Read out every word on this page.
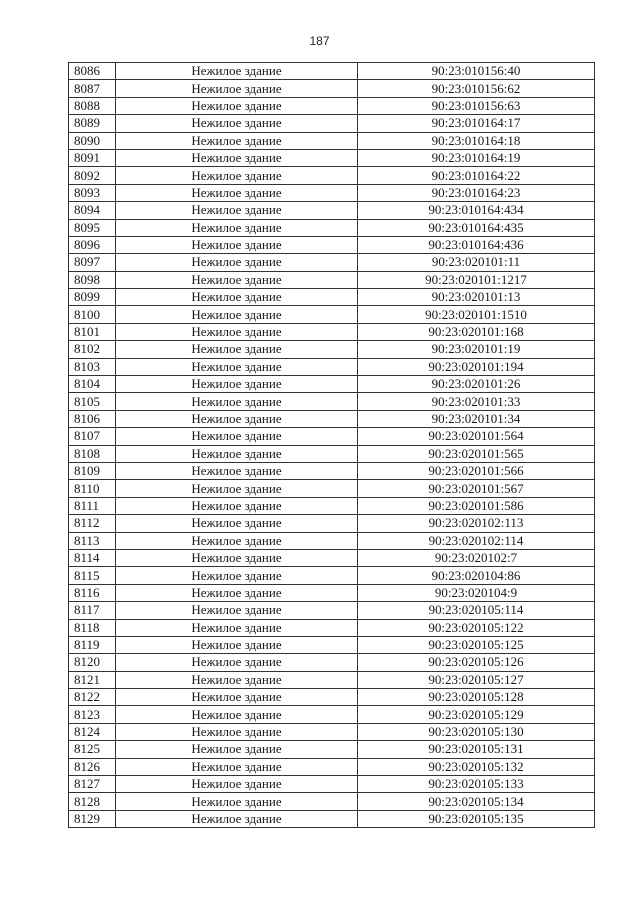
187
8086	Нежилое здание	90:23:010156:40
8087	Нежилое здание	90:23:010156:62
8088	Нежилое здание	90:23:010156:63
8089	Нежилое здание	90:23:010164:17
8090	Нежилое здание	90:23:010164:18
8091	Нежилое здание	90:23:010164:19
8092	Нежилое здание	90:23:010164:22
8093	Нежилое здание	90:23:010164:23
8094	Нежилое здание	90:23:010164:434
8095	Нежилое здание	90:23:010164:435
8096	Нежилое здание	90:23:010164:436
8097	Нежилое здание	90:23:020101:11
8098	Нежилое здание	90:23:020101:1217
8099	Нежилое здание	90:23:020101:13
8100	Нежилое здание	90:23:020101:1510
8101	Нежилое здание	90:23:020101:168
8102	Нежилое здание	90:23:020101:19
8103	Нежилое здание	90:23:020101:194
8104	Нежилое здание	90:23:020101:26
8105	Нежилое здание	90:23:020101:33
8106	Нежилое здание	90:23:020101:34
8107	Нежилое здание	90:23:020101:564
8108	Нежилое здание	90:23:020101:565
8109	Нежилое здание	90:23:020101:566
8110	Нежилое здание	90:23:020101:567
8111	Нежилое здание	90:23:020101:586
8112	Нежилое здание	90:23:020102:113
8113	Нежилое здание	90:23:020102:114
8114	Нежилое здание	90:23:020102:7
8115	Нежилое здание	90:23:020104:86
8116	Нежилое здание	90:23:020104:9
8117	Нежилое здание	90:23:020105:114
8118	Нежилое здание	90:23:020105:122
8119	Нежилое здание	90:23:020105:125
8120	Нежилое здание	90:23:020105:126
8121	Нежилое здание	90:23:020105:127
8122	Нежилое здание	90:23:020105:128
8123	Нежилое здание	90:23:020105:129
8124	Нежилое здание	90:23:020105:130
8125	Нежилое здание	90:23:020105:131
8126	Нежилое здание	90:23:020105:132
8127	Нежилое здание	90:23:020105:133
8128	Нежилое здание	90:23:020105:134
8129	Нежилое здание	90:23:020105:135
